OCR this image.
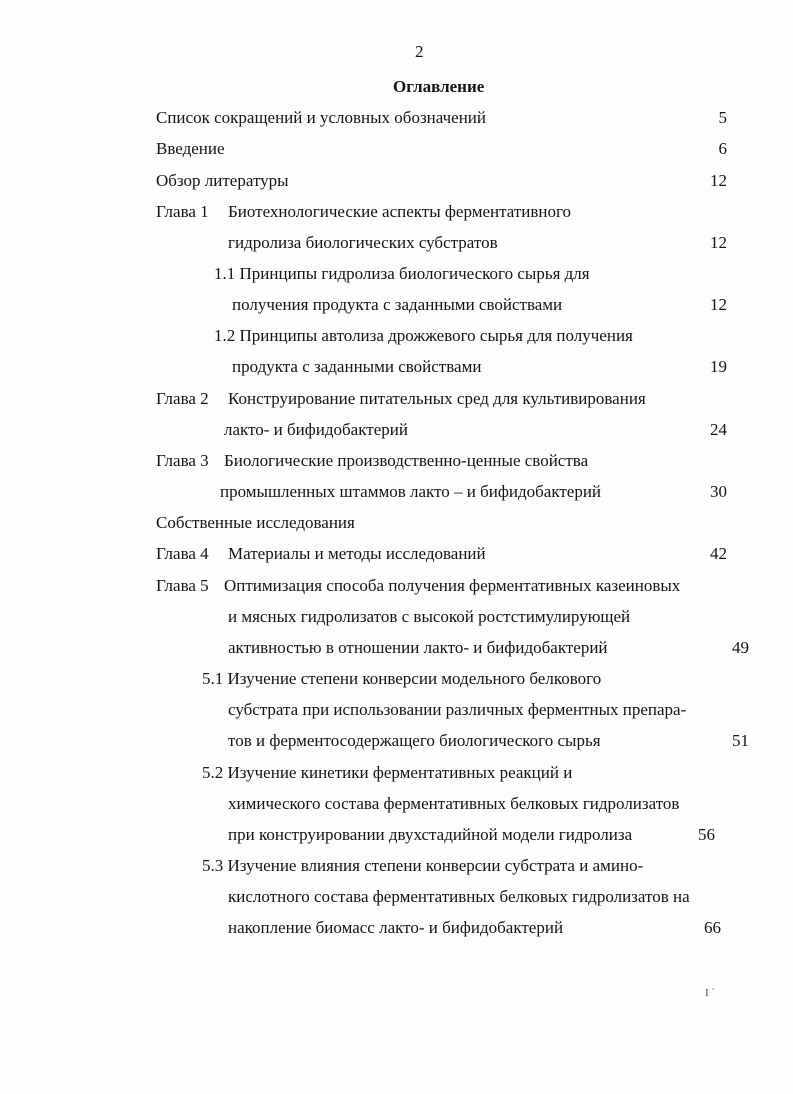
2
Оглавление
Список сокращений и условных обозначений	5
Введение	6
Обзор литературы	12
Глава 1 Биотехнологические аспекты ферментативного
гидролиза биологических субстратов	12
1.1 Принципы гидролиза биологического сырья для
получения продукта с заданными свойствами	12
1.2 Принципы автолиза дрожжевого сырья для получения
продукта с заданными свойствами	19
Глава 2 Конструирование питательных сред для культивирования
лакто- и бифидобактерий	24
Глава 3 Биологические производственно-ценные свойства
промышленных штаммов лакто – и бифидобактерий	30
Собственные исследования
Глава 4 Материалы и методы исследований	42
Глава 5 Оптимизация способа получения ферментативных казеиновых
и мясных гидролизатов с высокой ростстимулирующей
активностью в отношении лакто- и бифидобактерий	49
5.1 Изучение степени конверсии модельного белкового
субстрата при использовании различных ферментных препара-
тов и ферментосодержащего биологического сырья	51
5.2 Изучение кинетики ферментативных реакций и
химического состава ферментативных белковых гидролизатов
при конструировании двухстадийной модели гидролиза	56
5.3 Изучение влияния степени конверсии субстрата и амино-
кислотного состава ферментативных белковых гидролизатов на
накопление биомасс лакто- и бифидобактерий	66
I `
